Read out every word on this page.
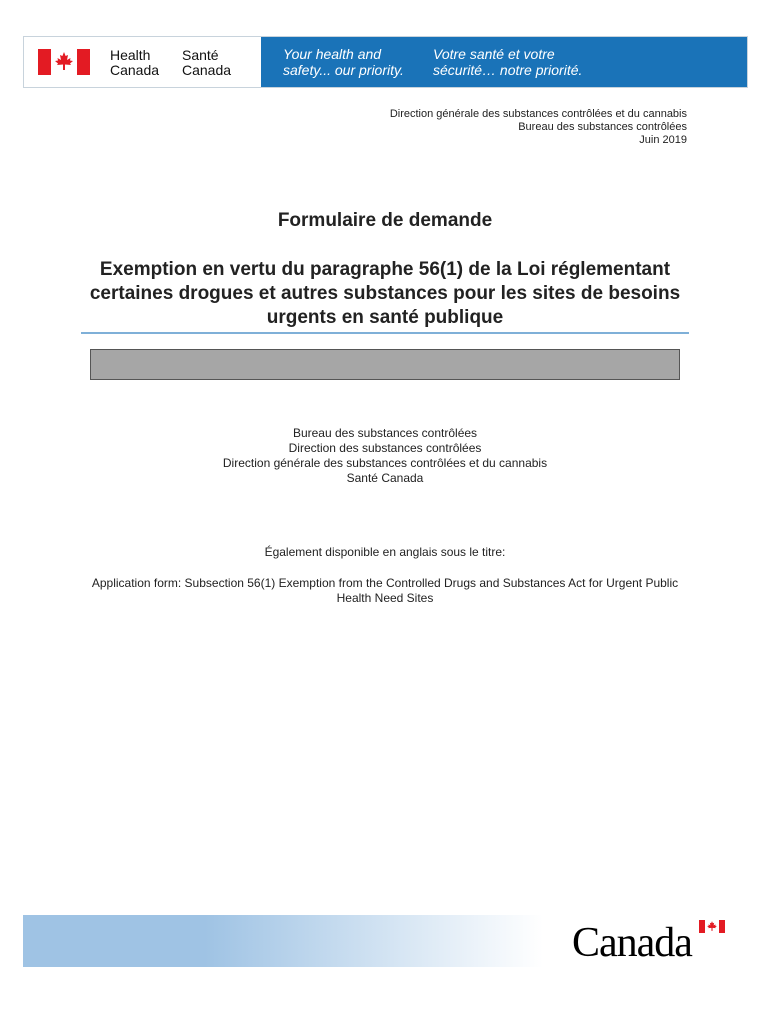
Health
Canada
Santé
Canada
Your health and
safety... our priority.
Votre santé et votre
sécurité… notre priorité.
Direction générale des substances contrôlées et du cannabis
Bureau des substances contrôlées
Juin 2019
Formulaire de demande
Exemption en vertu du paragraphe 56(1) de la Loi réglementant certaines drogues et autres substances pour les sites de besoins urgents en santé publique
Bureau des substances contrôlées
Direction des substances contrôlées
Direction générale des substances contrôlées et du cannabis
Santé Canada
Également disponible en anglais sous le titre:
Application form: Subsection 56(1) Exemption from the Controlled Drugs and Substances Act for Urgent Public Health Need Sites
Canada
